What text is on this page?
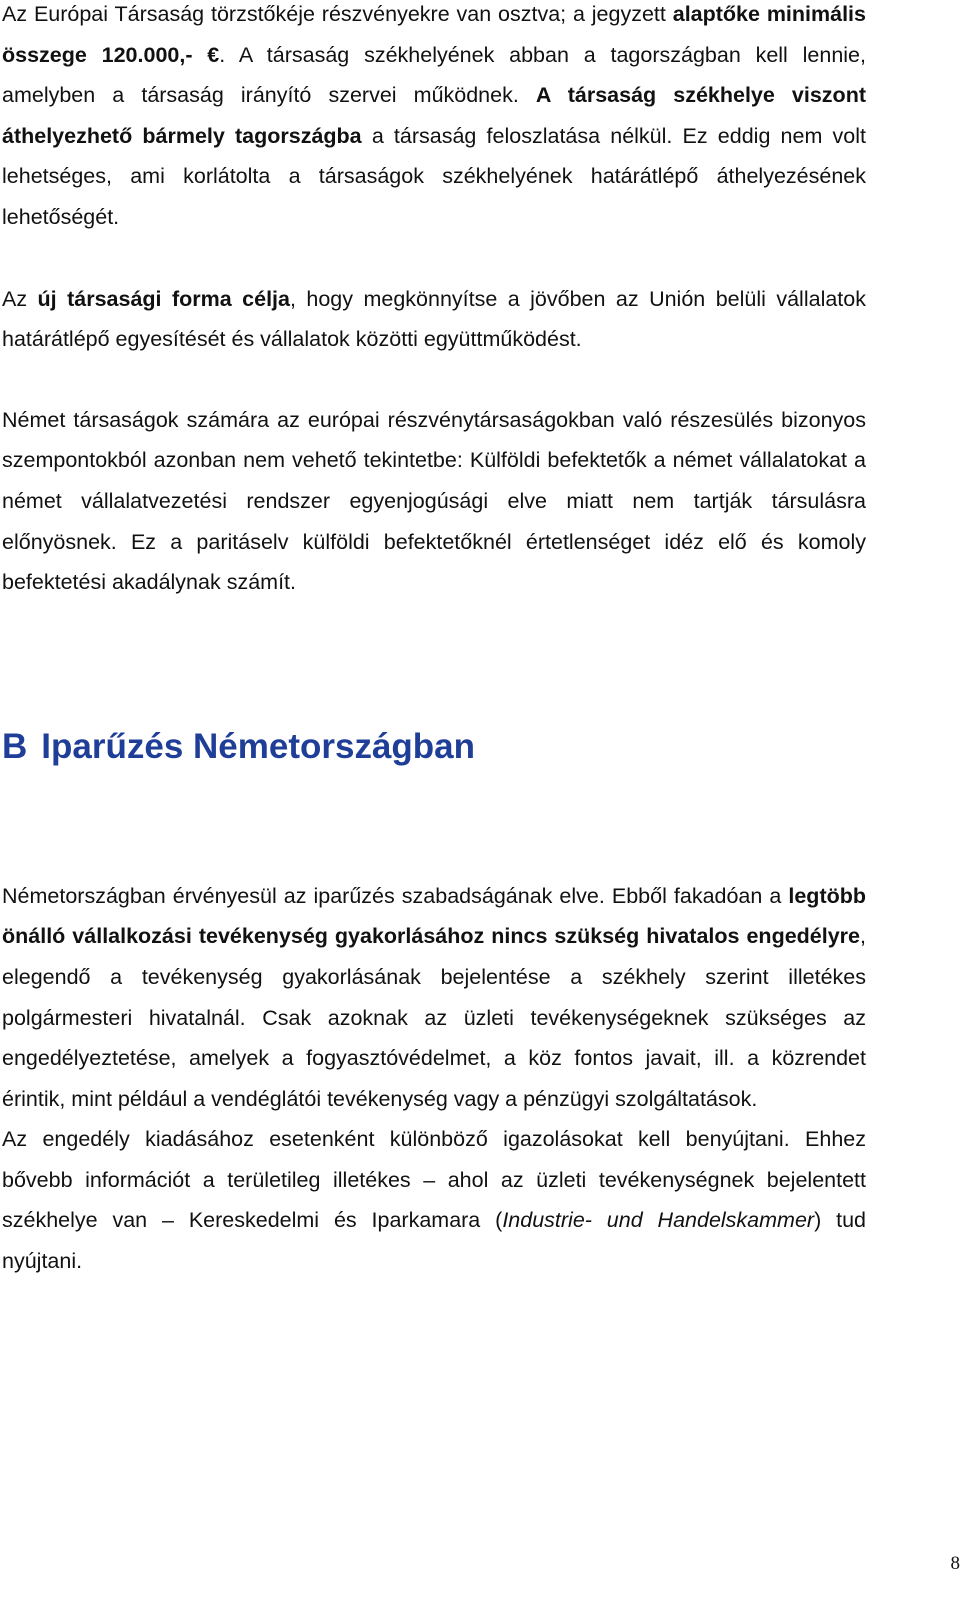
Az Európai Társaság törzstőkéje részvényekre van osztva; a jegyzett alaptőke minimális összege 120.000,- €. A társaság székhelyének abban a tagországban kell lennie, amelyben a társaság irányító szervei működnek. A társaság székhelye viszont áthelyezhető bármely tagországba a társaság feloszlatása nélkül. Ez eddig nem volt lehetséges, ami korlátolta a társaságok székhelyének határátlépő áthelyezésének lehetőségét.

Az új társasági forma célja, hogy megkönnyítse a jövőben az Unión belüli vállalatok határátlépő egyesítését és vállalatok közötti együttműködést.

Német társaságok számára az európai részvénytársaságokban való részesülés bizonyos szempontokból azonban nem vehető tekintetbe: Külföldi befektetők a német vállalatokat a német vállalatvezetési rendszer egyenjogúsági elve miatt nem tartják társulásra előnyösnek. Ez a paritáselv külföldi befektetőknél értetlenséget idéz elő és komoly befektetési akadálynak számít.

B Iparűzés Németországban

Németországban érvényesül az iparűzés szabadságának elve. Ebből fakadóan a legtöbb önálló vállalkozási tevékenység gyakorlásához nincs szükség hivatalos engedélyre, elegendő a tevékenység gyakorlásának bejelentése a székhely szerint illetékes polgármesteri hivatalnál. Csak azoknak az üzleti tevékenységeknek szükséges az engedélyeztetése, amelyek a fogyasztóvédelmet, a köz fontos javait, ill. a közrendet érintik, mint például a vendéglátói tevékenység vagy a pénzügyi szolgáltatások.

Az engedély kiadásához esetenként különböző igazolásokat kell benyújtani. Ehhez bővebb információt a területileg illetékes – ahol az üzleti tevékenységnek bejelentett székhelye van – Kereskedelmi és Iparkamara (Industrie- und Handelskammer) tud nyújtani.

8
